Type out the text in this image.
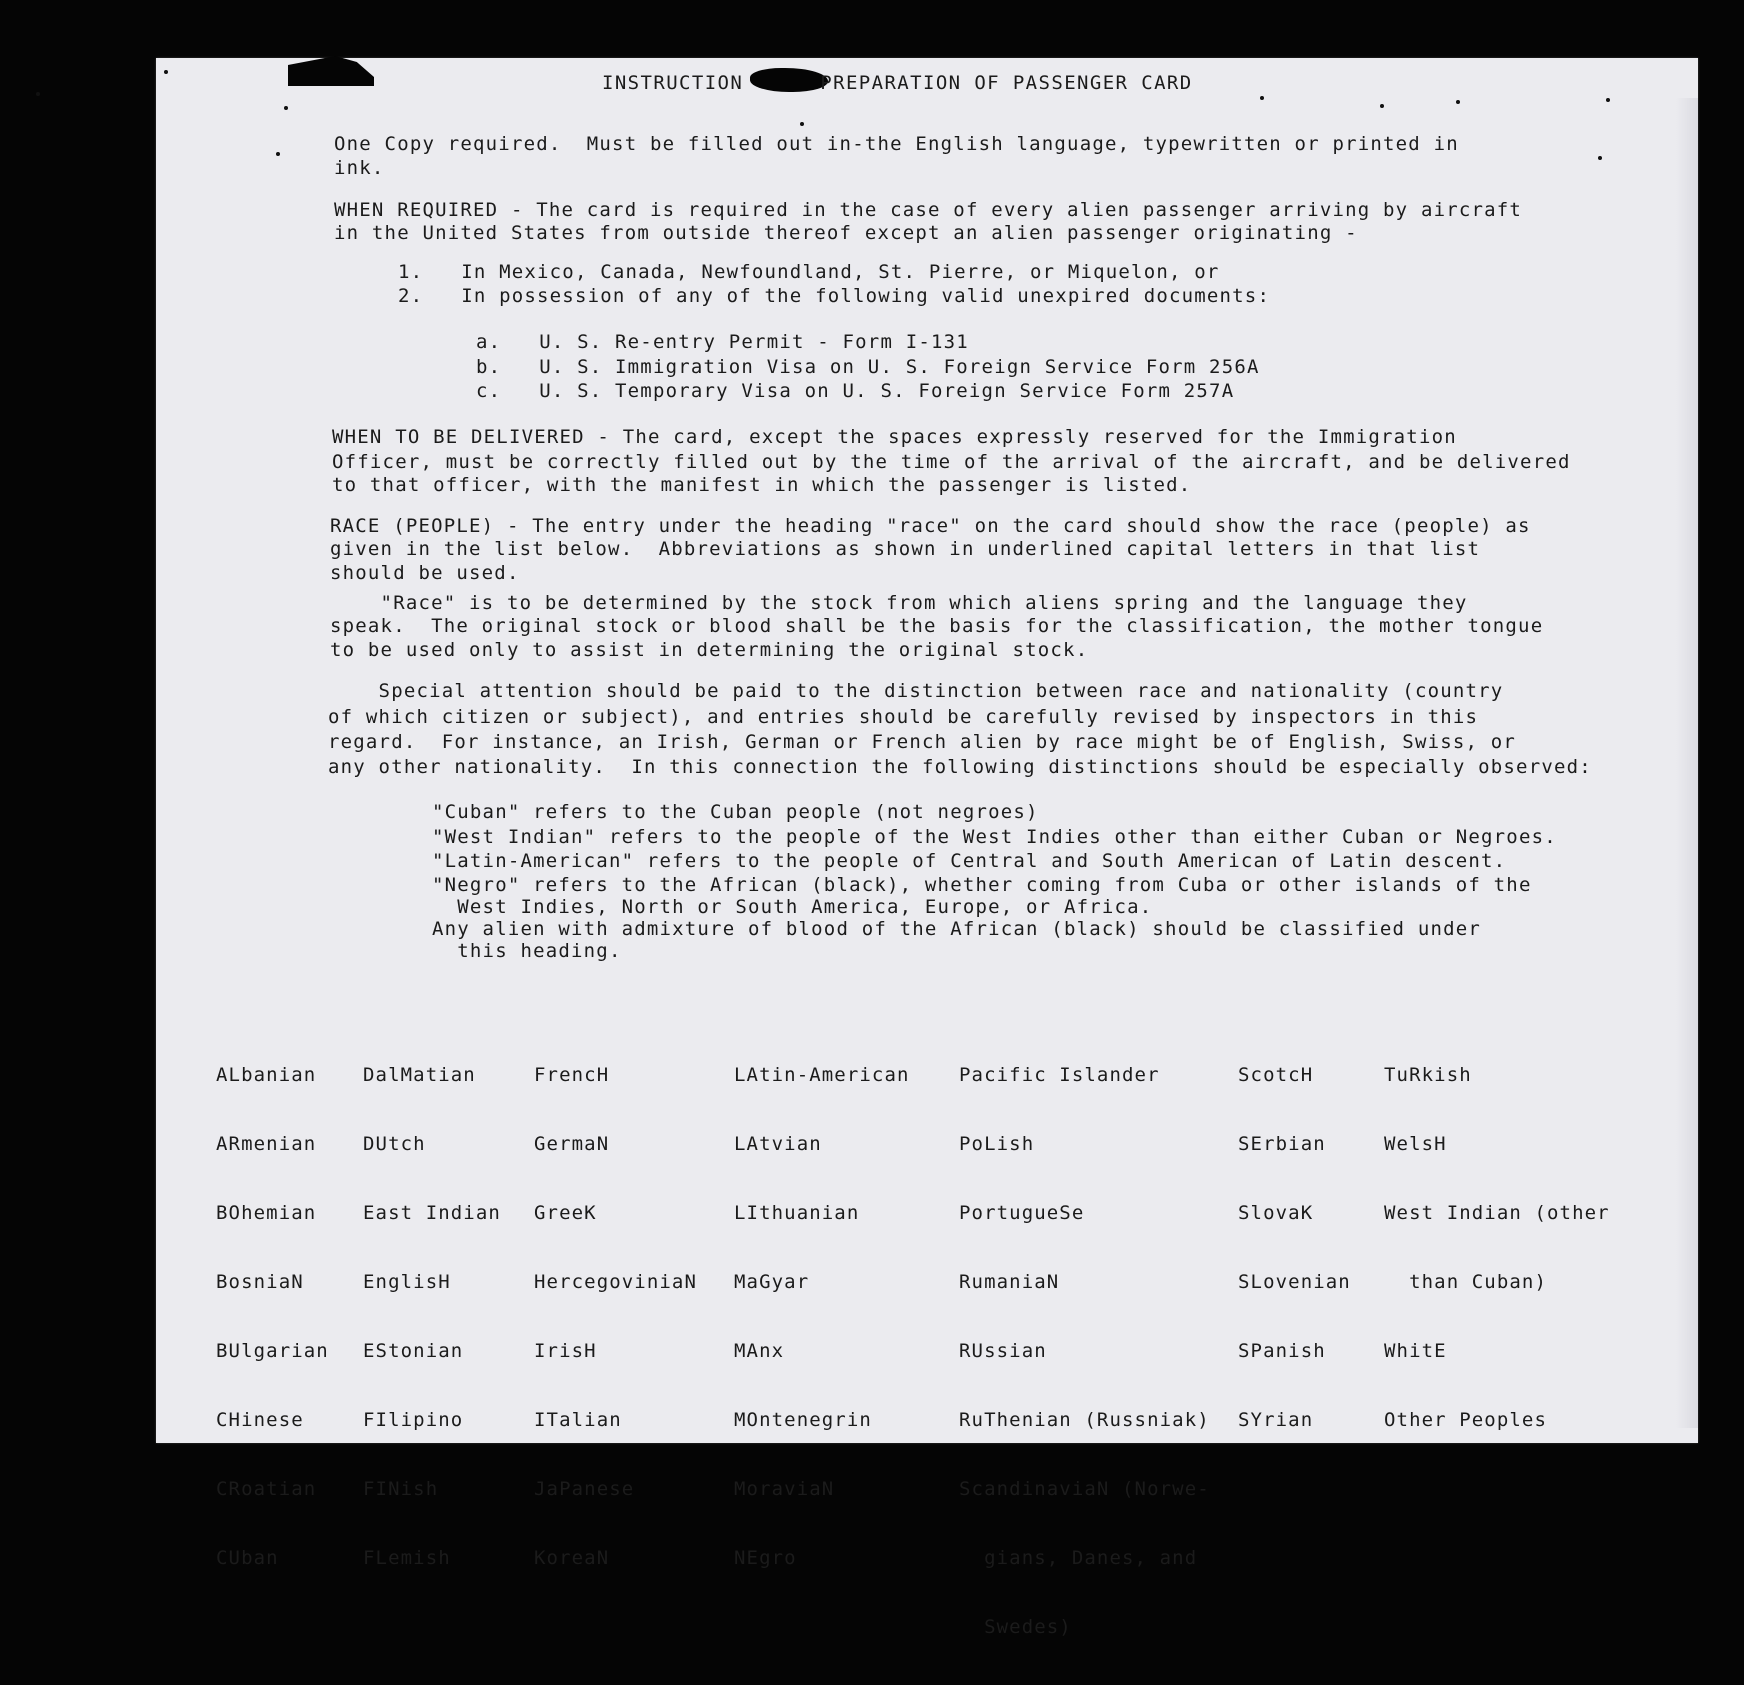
INSTRUCTION      PREPARATION OF PASSENGER CARD
One Copy required.  Must be filled out in-the English language, typewritten or printed in
ink.
WHEN REQUIRED - The card is required in the case of every alien passenger arriving by aircraft
in the United States from outside thereof except an alien passenger originating -
1.   In Mexico, Canada, Newfoundland, St. Pierre, or Miquelon, or
2.   In possession of any of the following valid unexpired documents:
a.   U. S. Re-entry Permit - Form I-131
b.   U. S. Immigration Visa on U. S. Foreign Service Form 256A
c.   U. S. Temporary Visa on U. S. Foreign Service Form 257A
WHEN TO BE DELIVERED - The card, except the spaces expressly reserved for the Immigration
Officer, must be correctly filled out by the time of the arrival of the aircraft, and be delivered
to that officer, with the manifest in which the passenger is listed.
RACE (PEOPLE) - The entry under the heading "race" on the card should show the race (people) as
given in the list below.  Abbreviations as shown in underlined capital letters in that list
should be used.
"Race" is to be determined by the stock from which aliens spring and the language they
speak.  The original stock or blood shall be the basis for the classification, the mother tongue
to be used only to assist in determining the original stock.
Special attention should be paid to the distinction between race and nationality (country
of which citizen or subject), and entries should be carefully revised by inspectors in this
regard.  For instance, an Irish, German or French alien by race might be of English, Swiss, or
any other nationality.  In this connection the following distinctions should be especially observed:
"Cuban" refers to the Cuban people (not negroes)
"West Indian" refers to the people of the West Indies other than either Cuban or Negroes.
"Latin-American" refers to the people of Central and South American of Latin descent.
"Negro" refers to the African (black), whether coming from Cuba or other islands of the
West Indies, North or South America, Europe, or Africa.
Any alien with admixture of blood of the African (black) should be classified under
this heading.

ALbanian

ARmenian

BOhemian

BosniaN

BUlgarian

CHinese

CRoatian

CUban

DalMatian

DUtch

East Indian

EnglisH

EStonian

FIlipino

FINish

FLemish

FrencH

GermaN

GreeK

HercegoviniaN

IrisH

ITalian

JaPanese

KoreaN

LAtin-American

LAtvian

LIthuanian

MaGyar

MAnx

MOntenegrin

MoraviaN

NEgro

Pacific Islander

PoLish

PortugueSe

RumaniaN

RUssian

RuThenian (Russniak)

ScandinaviaN (Norwe-

gians, Danes, and

Swedes)

ScotcH

SErbian

SlovaK

SLovenian

SPanish

SYrian

TuRkish

WelsH

West Indian (other

than Cuban)

WhitE

Other Peoples
